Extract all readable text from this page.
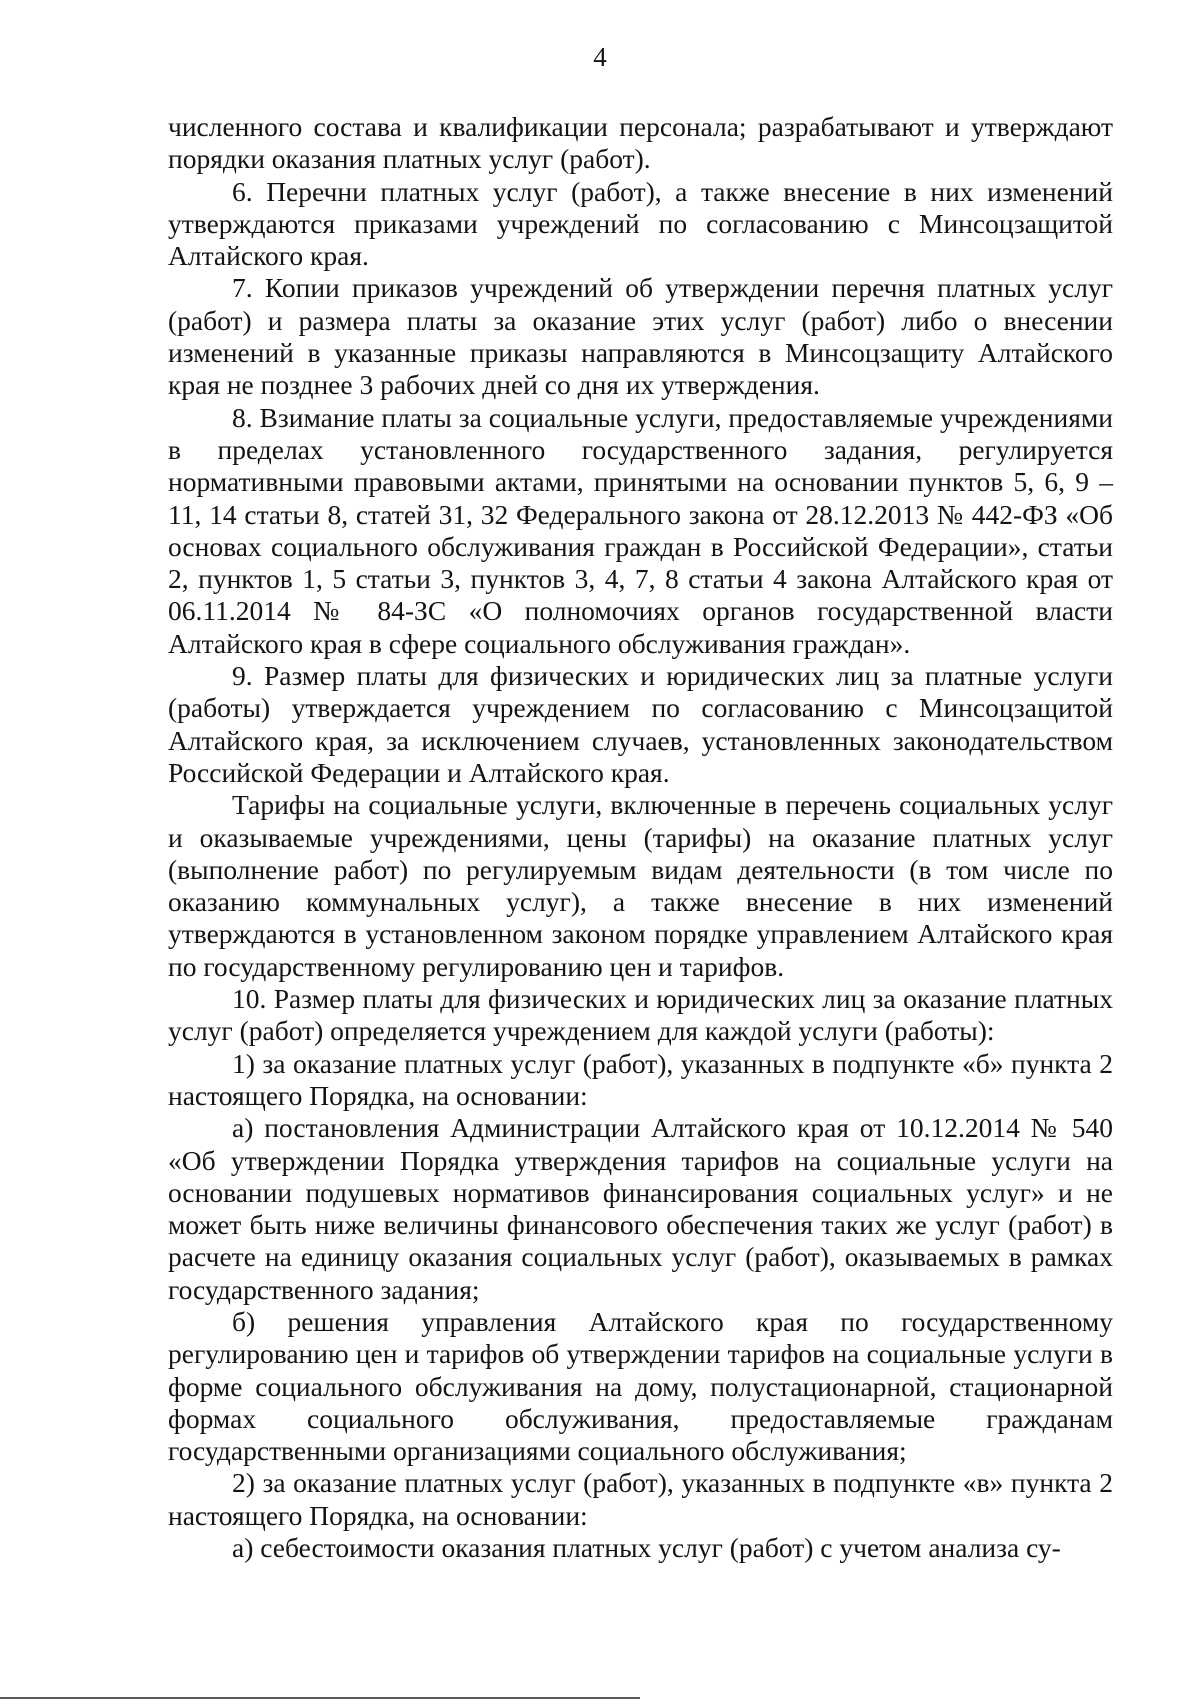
4

численного состава и квалификации персонала; разрабатывают и утверждают порядки оказания платных услуг (работ).

6. Перечни платных услуг (работ), а также внесение в них изменений утверждаются приказами учреждений по согласованию с Минсоцзащитой Алтайского края.

7. Копии приказов учреждений об утверждении перечня платных услуг (работ) и размера платы за оказание этих услуг (работ) либо о внесении изменений в указанные приказы направляются в Минсоцзащиту Алтайского края не позднее 3 рабочих дней со дня их утверждения.

8. Взимание платы за социальные услуги, предоставляемые учреждениями в пределах установленного государственного задания, регулируется нормативными правовыми актами, принятыми на основании пунктов 5, 6, 9 – 11, 14 статьи 8, статей 31, 32 Федерального закона от 28.12.2013 № 442-ФЗ «Об основах социального обслуживания граждан в Российской Федерации», статьи 2, пунктов 1, 5 статьи 3, пунктов 3, 4, 7, 8 статьи 4 закона Алтайского края от 06.11.2014 № 84-ЗС «О полномочиях органов государственной власти Алтайского края в сфере социального обслуживания граждан».

9. Размер платы для физических и юридических лиц за платные услуги (работы) утверждается учреждением по согласованию с Минсоцзащитой Алтайского края, за исключением случаев, установленных законодательством Российской Федерации и Алтайского края.

Тарифы на социальные услуги, включенные в перечень социальных услуг и оказываемые учреждениями, цены (тарифы) на оказание платных услуг (выполнение работ) по регулируемым видам деятельности (в том числе по оказанию коммунальных услуг), а также внесение в них изменений утверждаются в установленном законом порядке управлением Алтайского края по государственному регулированию цен и тарифов.

10. Размер платы для физических и юридических лиц за оказание платных услуг (работ) определяется учреждением для каждой услуги (работы):

1) за оказание платных услуг (работ), указанных в подпункте «б» пункта 2 настоящего Порядка, на основании:

а) постановления Администрации Алтайского края от 10.12.2014 № 540 «Об утверждении Порядка утверждения тарифов на социальные услуги на основании подушевых нормативов финансирования социальных услуг» и не может быть ниже величины финансового обеспечения таких же услуг (работ) в расчете на единицу оказания социальных услуг (работ), оказываемых в рамках государственного задания;

б) решения управления Алтайского края по государственному регулированию цен и тарифов об утверждении тарифов на социальные услуги в форме социального обслуживания на дому, полустационарной, стационарной формах социального обслуживания, предоставляемые гражданам государственными организациями социального обслуживания;

2) за оказание платных услуг (работ), указанных в подпункте «в» пункта 2 настоящего Порядка, на основании:

а) себестоимости оказания платных услуг (работ) с учетом анализа су-
